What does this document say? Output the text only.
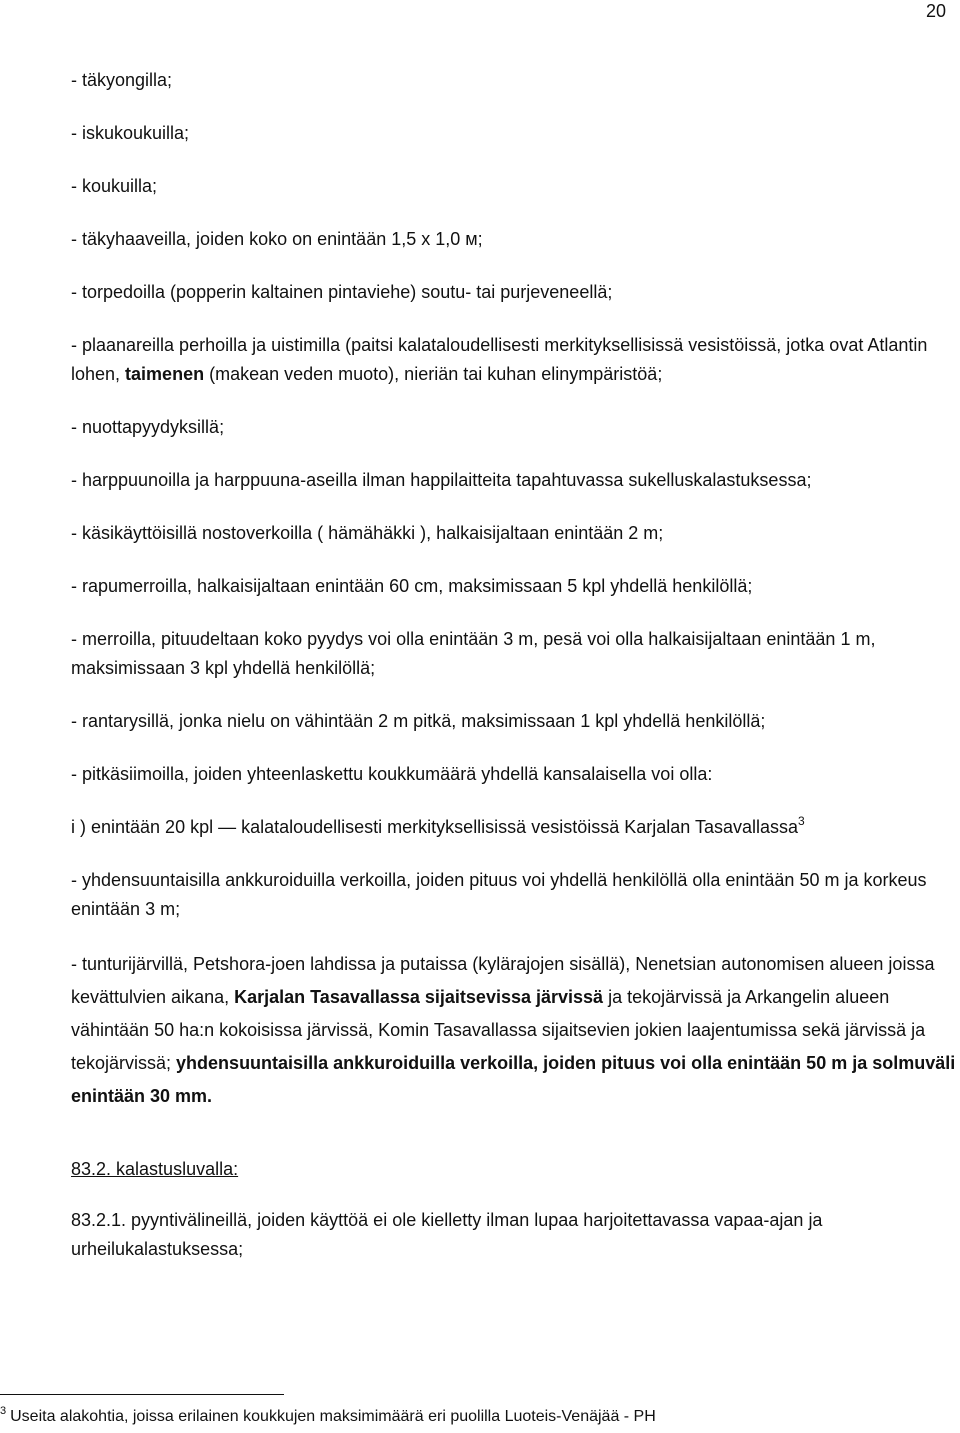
20

- täkyongilla;

- iskukoukuilla;

- koukuilla;

- täkyhaaveilla, joiden koko on enintään 1,5 x 1,0 м;

- torpedoilla (popperin kaltainen pintaviehe) soutu- tai purjeveneellä;

- plaanareilla perhoilla ja uistimilla (paitsi kalataloudellisesti merkityksellisissä vesistöissä, jotka ovat Atlantin lohen, taimenen (makean veden muoto), nieriän tai kuhan elinympäristöä;

- nuottapyydyksillä;

- harppuunoilla ja harppuuna-aseilla ilman happilaitteita tapahtuvassa sukelluskalastuksessa;

- käsikäyttöisillä nostoverkoilla ( hämähäkki ), halkaisijaltaan enintään 2 m;

- rapumerroilla, halkaisijaltaan enintään 60 cm, maksimissaan 5 kpl yhdellä henkilöllä;

- merroilla, pituudeltaan koko pyydys voi olla enintään 3 m, pesä voi olla halkaisijaltaan enintään 1 m, maksimissaan 3 kpl yhdellä henkilöllä;

- rantarysillä, jonka nielu on vähintään 2 m pitkä, maksimissaan 1 kpl yhdellä henkilöllä;

- pitkäsiimoilla, joiden yhteenlaskettu koukkumäärä yhdellä kansalaisella voi olla:

i ) enintään 20 kpl — kalataloudellisesti merkityksellisissä vesistöissä Karjalan Tasavallassa$^3$

- yhdensuuntaisilla ankkuroiduilla verkoilla, joiden pituus voi yhdellä henkilöllä olla enintään 50 m ja korkeus enintään 3 m;

- tunturijärvillä, Petshora-joen lahdissa ja putaissa (kylärajojen sisällä), Nenetsian autonomisen alueen joissa kevättulvien aikana, Karjalan Tasavallassa sijaitsevissa järvissä ja tekojärvissä ja Arkangelin alueen vähintään 50 ha:n kokoisissa järvissä, Komin Tasavallassa sijaitsevien jokien laajentumissa sekä järvissä ja tekojärvissä; yhdensuuntaisilla ankkuroiduilla verkoilla, joiden pituus voi olla enintään 50 m ja solmuväli enintään 30 mm.

83.2. kalastusluvalla:

83.2.1. pyyntivälineillä, joiden käyttöä ei ole kielletty ilman lupaa harjoitettavassa vapaa-ajan ja urheilukalastuksessa;

$^3$ Useita alakohtia, joissa erilainen koukkujen maksimimäärä eri puolilla Luoteis-Venäjää - PH
